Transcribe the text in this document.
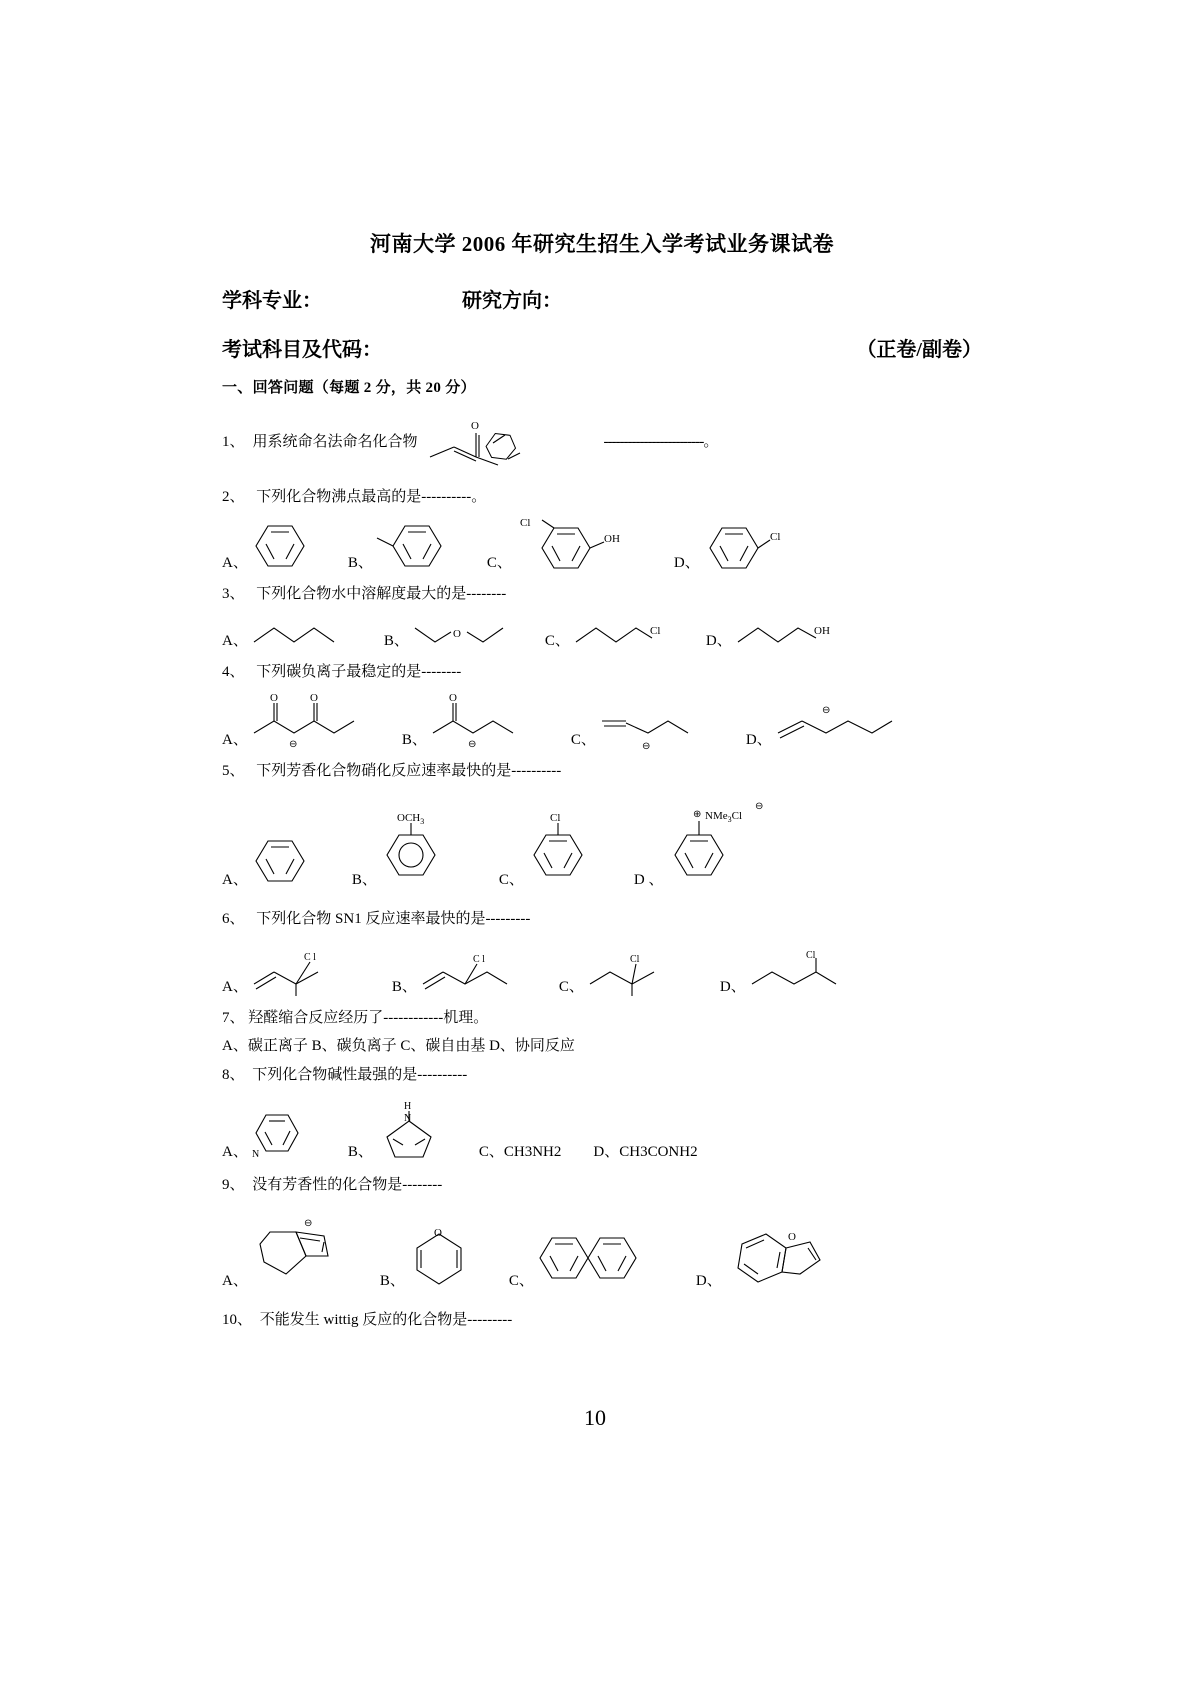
河南大学 2006 年研究生招生入学考试业务课试卷
学科专业：	研究方向：
考试科目及代码：	（正卷/副卷）
一、回答问题（每题 2 分，共 20 分）
1、 用系统命名法命名化合物
O
-------------------------。
2、 下列化合物沸点最高的是----------。
A、	B、	C、
Cl
OH
D、
Cl
3、 下列化合物水中溶解度最大的是--------
A、	B、	O	C、
Cl
D、
OH
4、 下列碳负离子最稳定的是--------
A、
O	O
⊖	B、
O
⊖	C、	⊖	D、
⊖
5、 下列芳香化合物硝化反应速率最快的是----------
A、	B、
$OCH_3$
C、
Cl
D 、
⊕ NMe$_3$Cl
⊖
6、 下列化合物 SN1 反应速率最快的是---------
A、
C l
B、
C l
C、
Cl
D、
Cl
7、 羟醛缩合反应经历了------------机理。
A、碳正离子 B、碳负离子 C、碳自由基 D、协同反应
8、 下列化合物碱性最强的是----------
A、 N	B、
H
N
C、 CH3NH2 D、 CH3CONH2
9、 没有芳香性的化合物是--------
A、
⊖
B、
O
C、	D、
O
10、 不能发生 wittig 反应的化合物是---------
10
